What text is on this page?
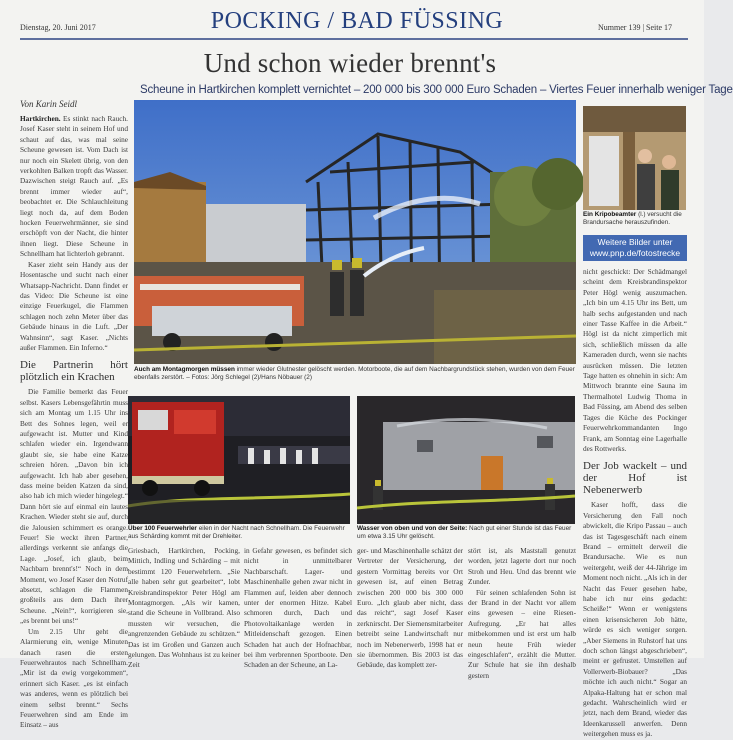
Dienstag, 20. Juni 2017	POCKING / BAD FÜSSING	Nummer 139 | Seite 17
Und schon wieder brennt's
Scheune in Hartkirchen komplett vernichtet – 200 000 bis 300 000 Euro Schaden – Viertes Feuer innerhalb weniger Tage
Von Karin Seidl

Hartkirchen. Es stinkt nach Rauch. Josef Kaser steht in seinem Hof und schaut auf das, was mal seine Scheune gewesen ist. Vom Dach ist nur noch ein Skelett übrig, von den verkohlten Balken tropft das Wasser. Dazwischen steigt Rauch auf. „Es brennt immer wieder auf“, beobachtet er. Die Schlauchleitung liegt noch da, auf dem Boden hocken Feuerwehrmänner, sie sind erschöpft von der Nacht, die hinter ihnen liegt. Diese Scheune in Schnellham hat lichterloh gebrannt.

Kaser zieht sein Handy aus der Hosentasche und sucht nach einer Whatsapp-Nachricht. Dann findet er das Video: Die Scheune ist eine einzige Feuerkugel, die Flammen schlagen noch zehn Meter über das Gebäude hinaus in die Luft. „Der Wahnsinn“, sagt Kaser. „Nichts außer Flammen. Ein Inferno.“

Die Partnerin hört plötzlich ein Krachen

Die Familie bemerkt das Feuer selbst. Kasers Lebensgefährtin muss sich am Montag um 1.15 Uhr ins Bett des Sohnes legen, weil er aufgewacht ist. Mutter und Kind schlafen wieder ein. Irgendwann glaubt sie, sie habe eine Katze schreien hören. „Davon bin ich aufgewacht. Ich hab aber gesehen, dass meine beiden Katzen da sind, also hab ich mich wieder hingelegt.“ Dann hört sie auf einmal ein lautes Krachen. Wieder steht sie auf, durch die Jalousien schimmert es orange. Feuer! Sie weckt ihren Partner, allerdings verkennt sie anfangs die Lage. „Josef, ich glaub, beim Nachbarn brennt's!“ Noch in dem Moment, wo Josef Kaser den Notruf absetzt, schlagen die Flammen großteils aus dem Dach ihrer Scheune. „Nein!“, korrigieren sie, „es brennt bei uns!“

Um 2.15 Uhr geht die Alarmierung ein, wenige Minuten danach rasen die ersten Feuerwehrautos nach Schnellham. „Mir ist da ewig vorgekommen“, erinnert sich Kaser. „es ist einfach was anderes, wenn es plötzlich bei einem selbst brennt.“ Sechs Feuerwehren sind am Ende im Einsatz – aus

Auch am Montagmorgen müssen immer wieder Glutnester gelöscht werden. Motorboote, die auf dem Nachbargrundstück stehen, wurden von dem Feuer ebenfalls zerstört. – Fotos: Jörg Schlegel (2)/Hans Nöbauer (2)
Ein Kripobeamter (l.) versucht die Brandursache herauszufinden.
Weitere Bilder unter
www.pnp.de/fotostrecke

nicht geschickt: Der Schädmangel scheint dem Kreisbrandinspektor Peter Högl wenig auszumachen. „Ich bin um 4.15 Uhr ins Bett, um halb sechs aufgestanden und nach einer Tasse Kaffee in die Arbeit.“ Högl ist da nicht zimperlich mit sich, schließlich müssen da alle Kameraden durch, wenn sie nachts ausrücken müssen. Die letzten Tage hatten es ohnehin in sich: Am Mittwoch brannte eine Sauna im Thermalhotel Ludwig Thoma in Bad Füssing, am Abend des selben Tages die Küche des Pockinger Feuerwehrkommandanten Ingo Frank, am Sonntag eine Lagerhalle des Rottwerks.

Der Job wackelt – und der Hof ist Nebenerwerb

Kaser hofft, dass die Versicherung den Fall noch abwickelt, die Kripo Passau – auch das ist Tagesgeschäft nach einem Brand – ermittelt derweil die Brandursache. Wie es nun weitergeht, weiß der 44-Jährige im Moment noch nicht. „Als ich in der Nacht das Feuer gesehen habe, habe ich nur eins gedacht: Scheiße!“ Wenn er wenigstens einen krisensicheren Job hätte, würde es sich weniger sorgen. „Aber Siemens in Ruhstorf hat uns doch schon längst abgeschrieben“, meint er gefrustet. Umstellen auf Vollerwerb-Biobauer? „Das möchte ich auch nicht.“ Sogar an Alpaka-Haltung hat er schon mal gedacht. Wahrscheinlich wird er jetzt, nach dem Brand, wieder das Ideenkarussell anwerfen. Denn weitergehen muss es ja.

Über 100 Feuerwehrler eilen in der Nacht nach Schnellham. Die Feuerwehr aus Schärding kommt mit der Drehleiter.
Wasser von oben und von der Seite: Nach gut einer Stunde ist das Feuer um etwa 3.15 Uhr gelöscht.

Griesbach, Hartkirchen, Pocking, Mittich, Indling und Schärding – mit bestimmt 120 Feuerwehrlern. „Sie alle haben sehr gut gearbeitet“, lobt Kreisbrandinspektor Peter Högl am Montagmorgen. „Als wir kamen, stand die Scheune in Vollbrand. Also mussten wir versuchen, die angrenzenden Gebäude zu schützen.“ Das ist im Großen und Ganzen auch gelungen. Das Wohnhaus ist zu keiner Zeit

in Gefahr gewesen, es befindet sich nicht in unmittelbarer Nachbarschaft. Lager- und Maschinenhalle gehen zwar nicht in Flammen auf, leiden aber dennoch unter der enormen Hitze. Kabel schmoren durch, Dach und Photovoltaikanlage werden in Mitleidenschaft gezogen. Einen Schaden hat auch der Hofnachbar, bei ihm verbrennen Sportboote. Den Schaden an der Scheune, an La-

ger- und Maschinenhalle schätzt der Vertreter der Versicherung, der gestern Vormittag bereits vor Ort gewesen ist, auf einen Betrag zwischen 200 000 bis 300 000 Euro. „Ich glaub aber nicht, dass das reicht“, sagt Josef Kaser zerknirscht. Der Siemensmitarbeiter betreibt seine Landwirtschaft nur noch im Nebenerwerb, 1998 hat er sie übernommen. Bis 2003 ist das Gebäude, das komplett zer-

stört ist, als Maststall genutzt worden, jetzt lagerte dort nur noch Stroh und Heu. Und das brennt wie Zunder.

Für seinen schlafenden Sohn ist der Brand in der Nacht vor allem eins gewesen – eine Riesen-Aufregung. „Er hat alles mitbekommen und ist erst um halb neun heute Früh wieder eingeschlafen“, erzählt die Mutter. Zur Schule hat sie ihn deshalb gestern
